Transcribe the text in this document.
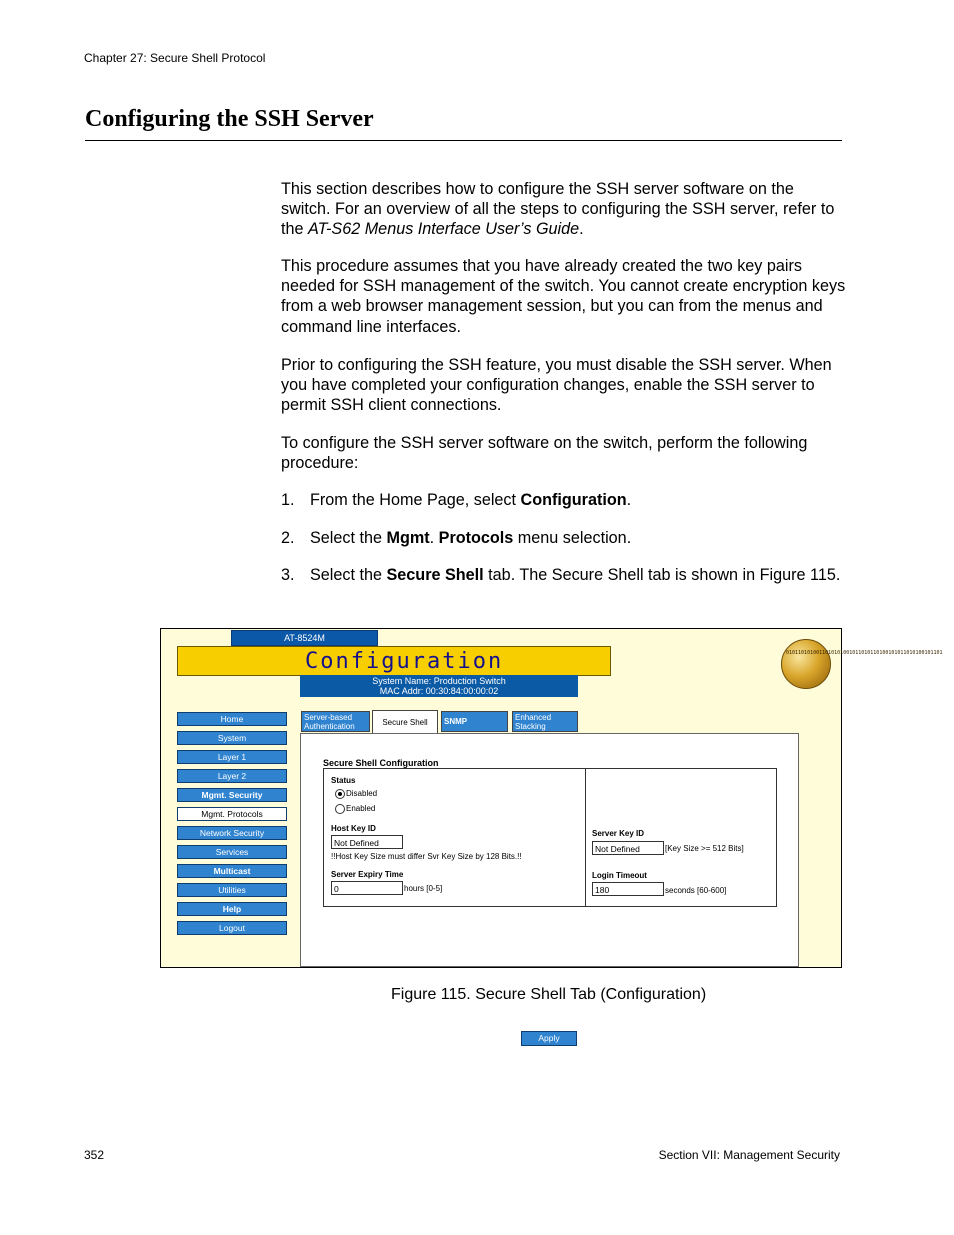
Chapter 27: Secure Shell Protocol
Configuring the SSH Server
This section describes how to configure the SSH server software on the switch. For an overview of all the steps to configuring the SSH server, refer to the AT-S62 Menus Interface User’s Guide.
This procedure assumes that you have already created the two key pairs needed for SSH management of the switch. You cannot create encryption keys from a web browser management session, but you can from the menus and command line interfaces.
Prior to configuring the SSH feature, you must disable the SSH server. When you have completed your configuration changes, enable the SSH server to permit SSH client connections.
To configure the SSH server software on the switch, perform the following procedure:
1. From the Home Page, select Configuration.
2. Select the Mgmt. Protocols menu selection.
3. Select the Secure Shell tab. The Secure Shell tab is shown in Figure 115.
AT-8524M
Configuration
System Name: Production Switch
MAC Addr: 00:30:84:00:00:02
0101101010011010101001011010110100101011010100101101
Home
System
Layer 1
Layer 2
Mgmt. Security
Mgmt. Protocols
Network Security
Services
Multicast
Utilities
Help
Logout
Server-based
Authentication	Secure Shell	SNMP	Enhanced
Stacking
Secure Shell Configuration
Status
Disabled
Enabled
Host Key ID
Not Defined
!!Host Key Size must differ Svr Key Size by 128 Bits.!!
Server Expiry Time
0	hours [0-5]
Server Key ID
Not Defined	[Key Size >= 512 Bits]
Login Timeout
180	seconds [60-600]
Apply
Figure 115. Secure Shell Tab (Configuration)
352	Section VII: Management Security
